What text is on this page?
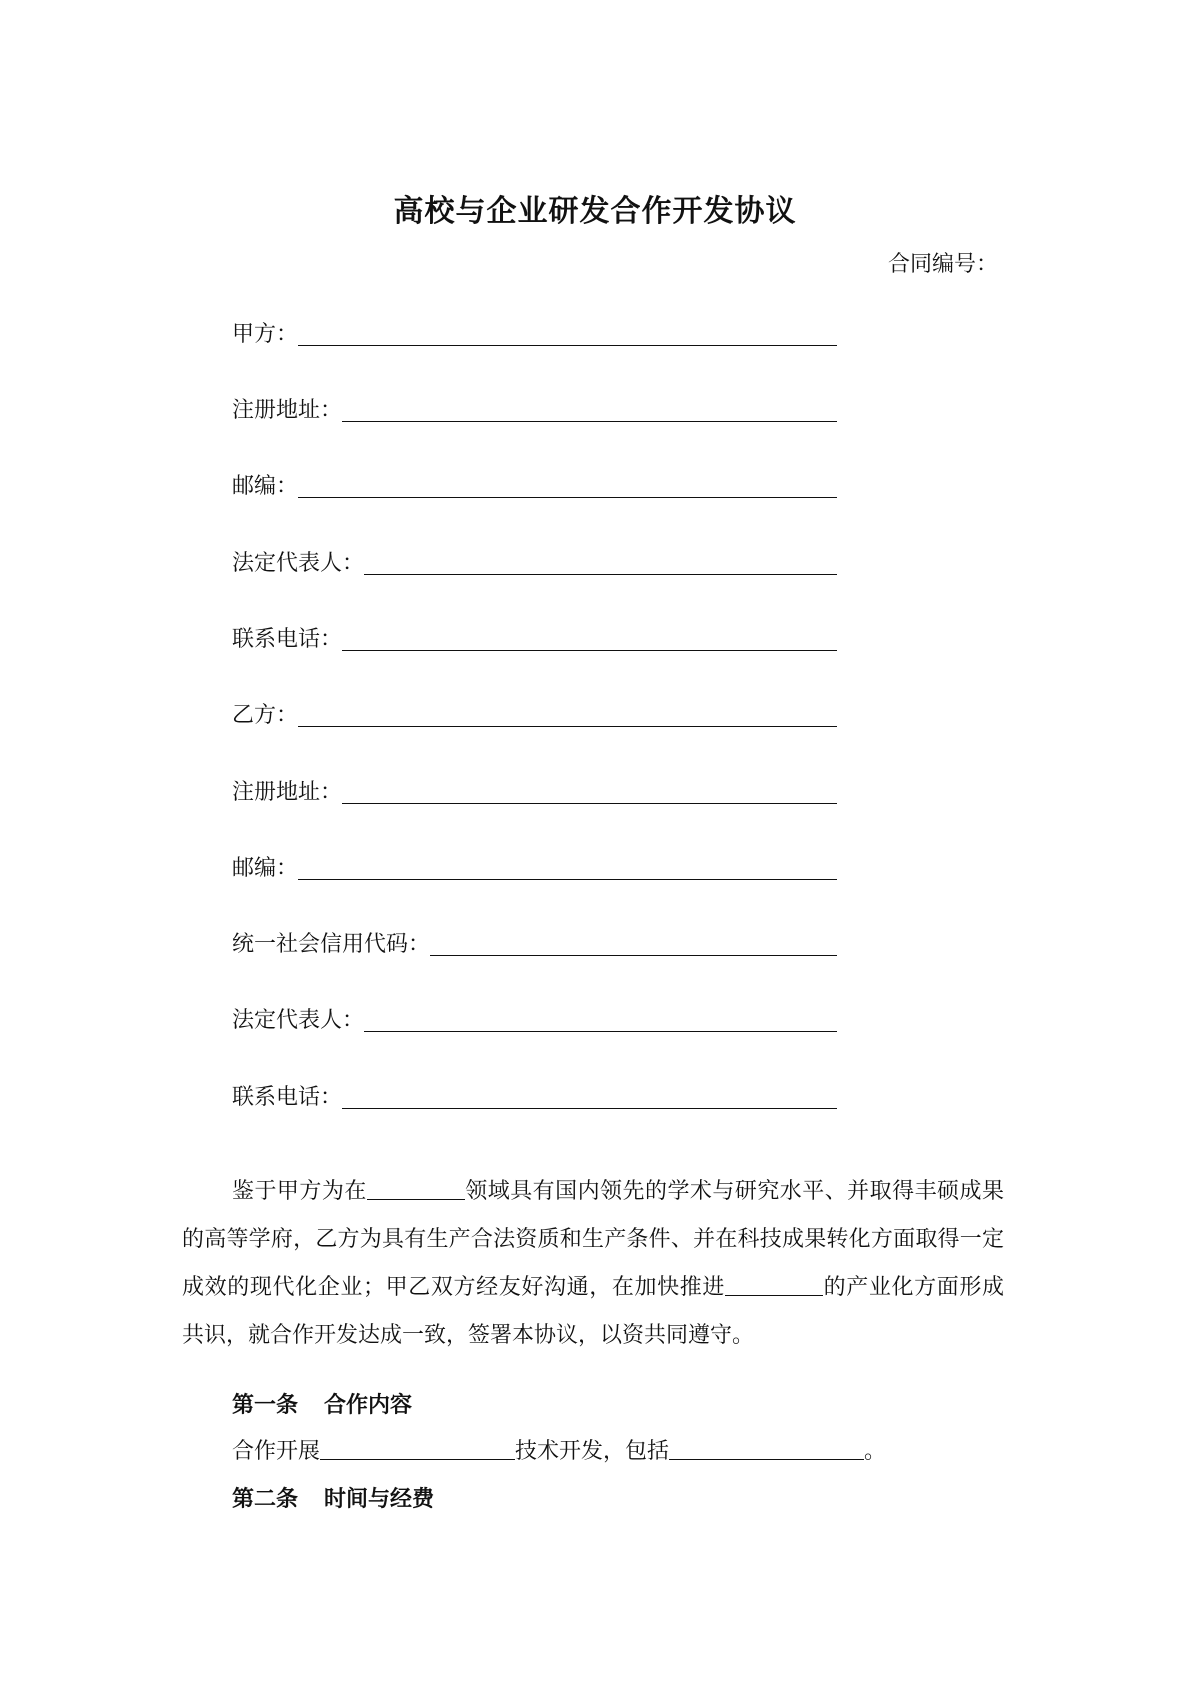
高校与企业研发合作开发协议
合同编号：
甲方：
注册地址：
邮编：
法定代表人：
联系电话：
乙方：
注册地址：
邮编：
统一社会信用代码：
法定代表人：
联系电话：

鉴于甲方为在	领域具有国内领先的学术与研究水平、并取得丰硕成果的高等学府，乙方为具有生产合法资质和生产条件、并在科技成果转化方面取得一定成效的现代化企业；甲乙双方经友好沟通，在加快推进	的产业化方面形成共识，就合作开发达成一致，签署本协议，以资共同遵守。

第一条 合作内容
合作开展	技术开发，包括	。
第二条 时间与经费
